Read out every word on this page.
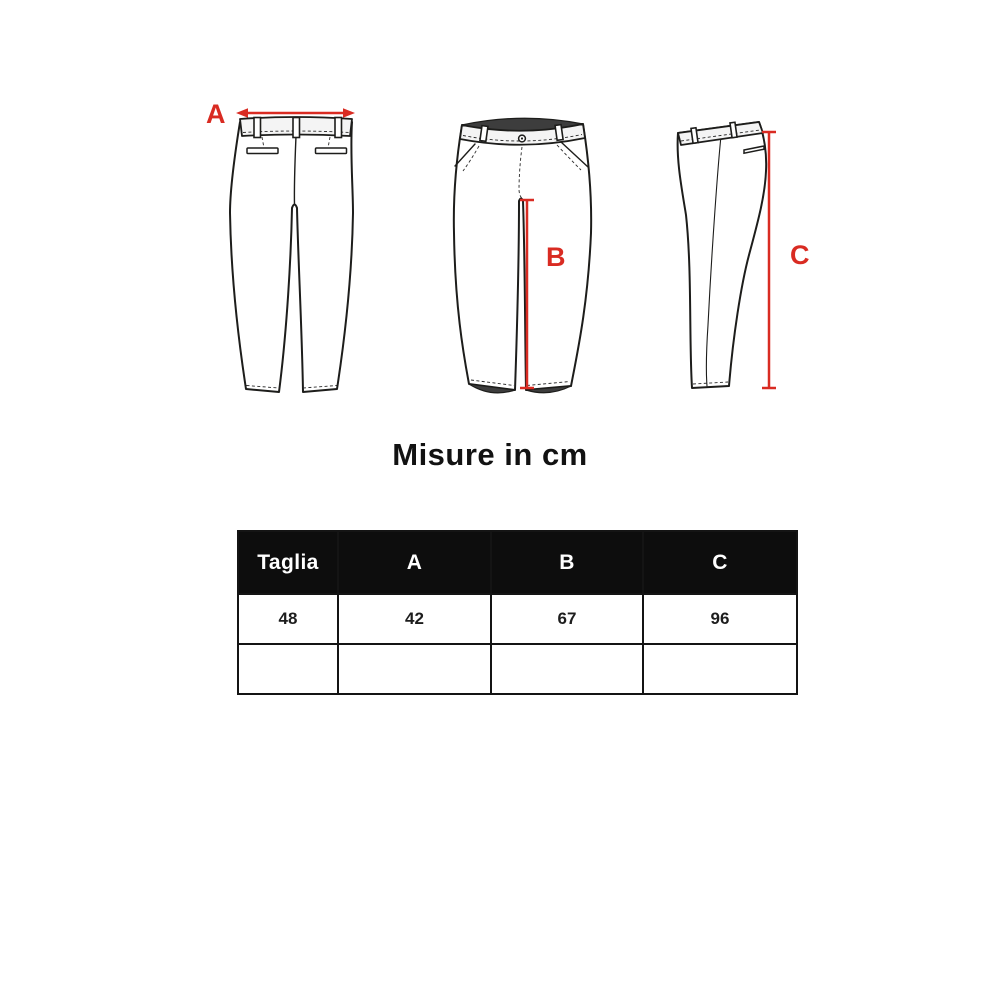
A
B	C
Misure in cm
Taglia	A	B	C
48	42	67	96
